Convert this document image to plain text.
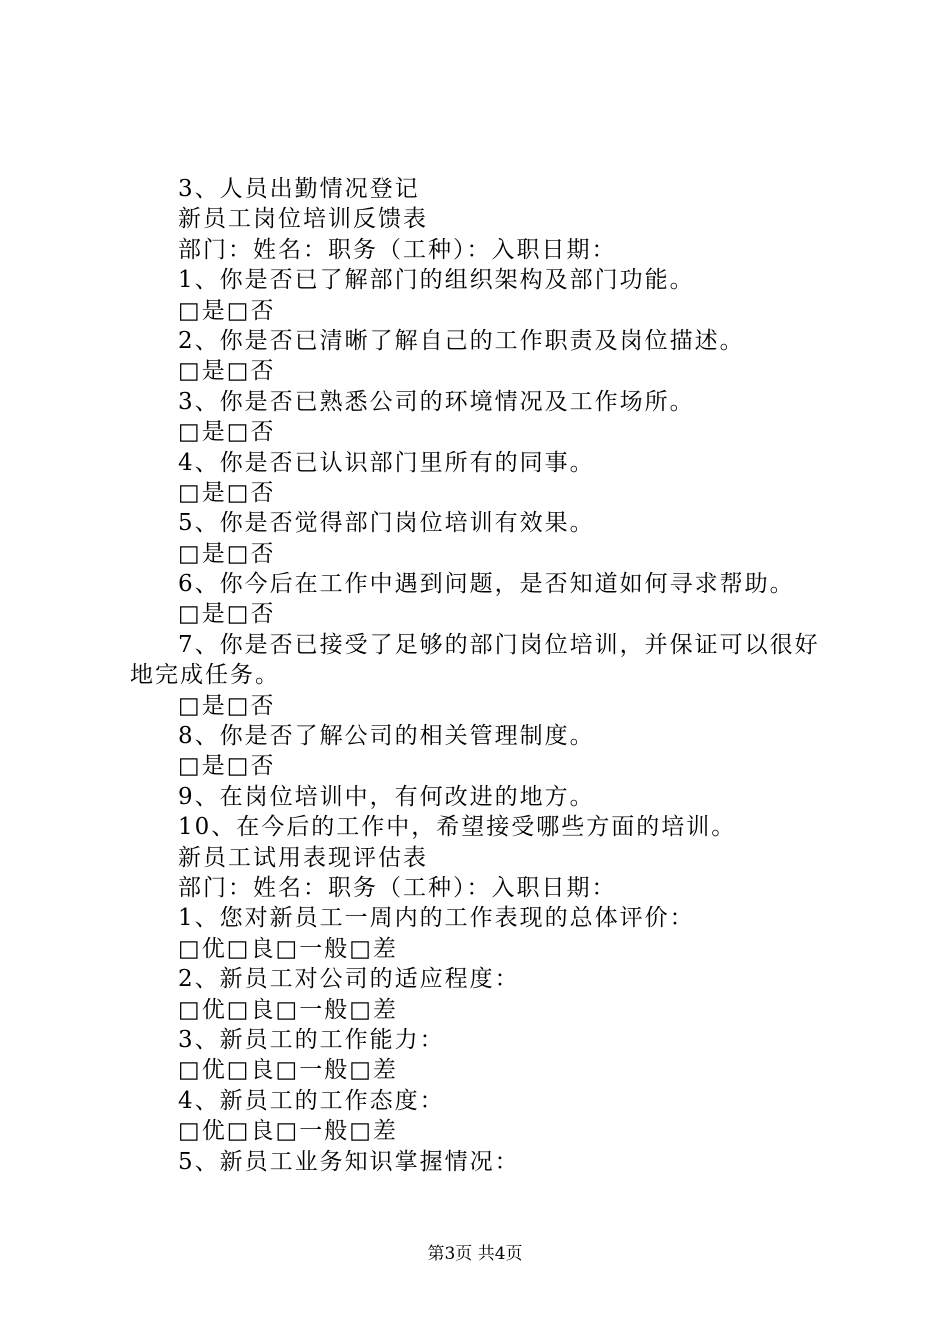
3、人员出勤情况登记
新员工岗位培训反馈表
部门：姓名：职务（工种）：入职日期：
1、你是否已了解部门的组织架构及部门功能。
□是□否
2、你是否已清晰了解自己的工作职责及岗位描述。
□是□否
3、你是否已熟悉公司的环境情况及工作场所。
□是□否
4、你是否已认识部门里所有的同事。
□是□否
5、你是否觉得部门岗位培训有效果。
□是□否
6、你今后在工作中遇到问题，是否知道如何寻求帮助。
□是□否
7、你是否已接受了足够的部门岗位培训，并保证可以很好地完成任务。
□是□否
8、你是否了解公司的相关管理制度。
□是□否
9、在岗位培训中，有何改进的地方。
10、在今后的工作中，希望接受哪些方面的培训。
新员工试用表现评估表
部门：姓名：职务（工种）：入职日期：
1、您对新员工一周内的工作表现的总体评价：
□优□良□一般□差
2、新员工对公司的适应程度：
□优□良□一般□差
3、新员工的工作能力：
□优□良□一般□差
4、新员工的工作态度：
□优□良□一般□差
5、新员工业务知识掌握情况：
第3页 共4页
